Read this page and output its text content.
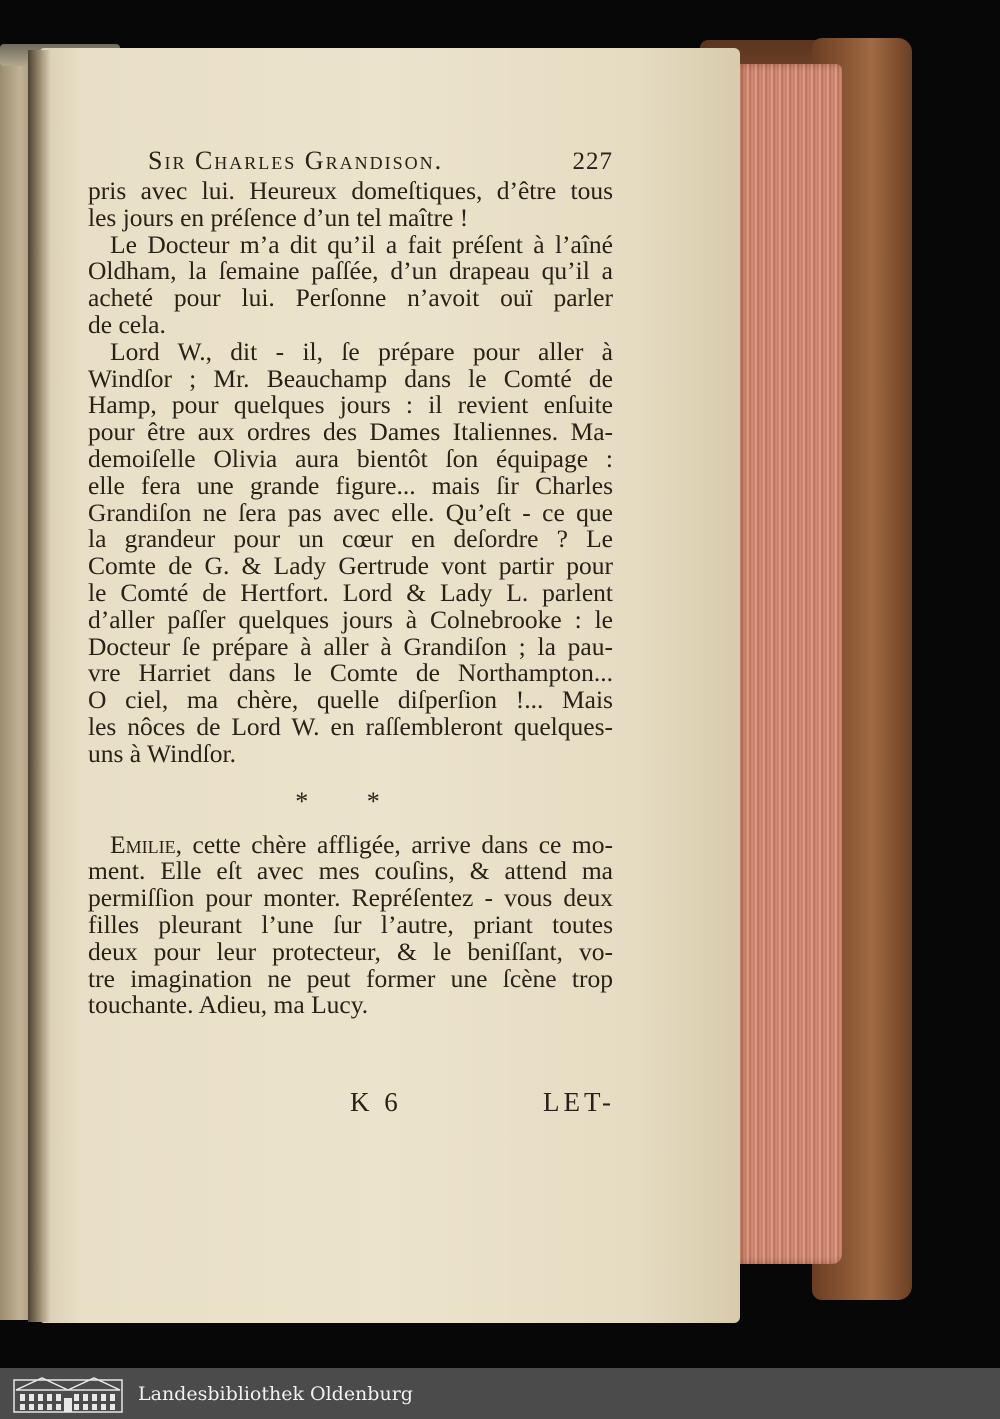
Sir Charles Grandison.	227
pris avec lui. Heureux domeſtiques, d’être tous
les jours en préſence d’un tel maître !
Le Docteur m’a dit qu’il a fait préſent à l’aîné
Oldham, la ſemaine paſſée, d’un drapeau qu’il a
acheté pour lui. Perſonne n’avoit ouï parler
de cela.
Lord W., dit - il, ſe prépare pour aller à
Windſor ; Mr. Beauchamp dans le Comté de
Hamp, pour quelques jours : il revient enſuite
pour être aux ordres des Dames Italiennes. Ma-
demoiſelle Olivia aura bientôt ſon équipage :
elle fera une grande figure... mais ſir Charles
Grandiſon ne ſera pas avec elle. Qu’eſt - ce que
la grandeur pour un cœur en deſordre ? Le
Comte de G. & Lady Gertrude vont partir pour
le Comté de Hertfort. Lord & Lady L. parlent
d’aller paſſer quelques jours à Colnebrooke : le
Docteur ſe prépare à aller à Grandiſon ; la pau-
vre Harriet dans le Comte de Northampton...
O ciel, ma chère, quelle diſperſion !... Mais
les nôces de Lord W. en raſſembleront quelques-
uns à Windſor.
* *
Emilie, cette chère affligée, arrive dans ce mo-
ment. Elle eſt avec mes couſins, & attend ma
permiſſion pour monter. Repréſentez - vous deux
filles pleurant l’une ſur l’autre, priant toutes
deux pour leur protecteur, & le beniſſant, vo-
tre imagination ne peut former une ſcène trop
touchante. Adieu, ma Lucy.
K 6	LET-
Landesbibliothek Oldenburg
